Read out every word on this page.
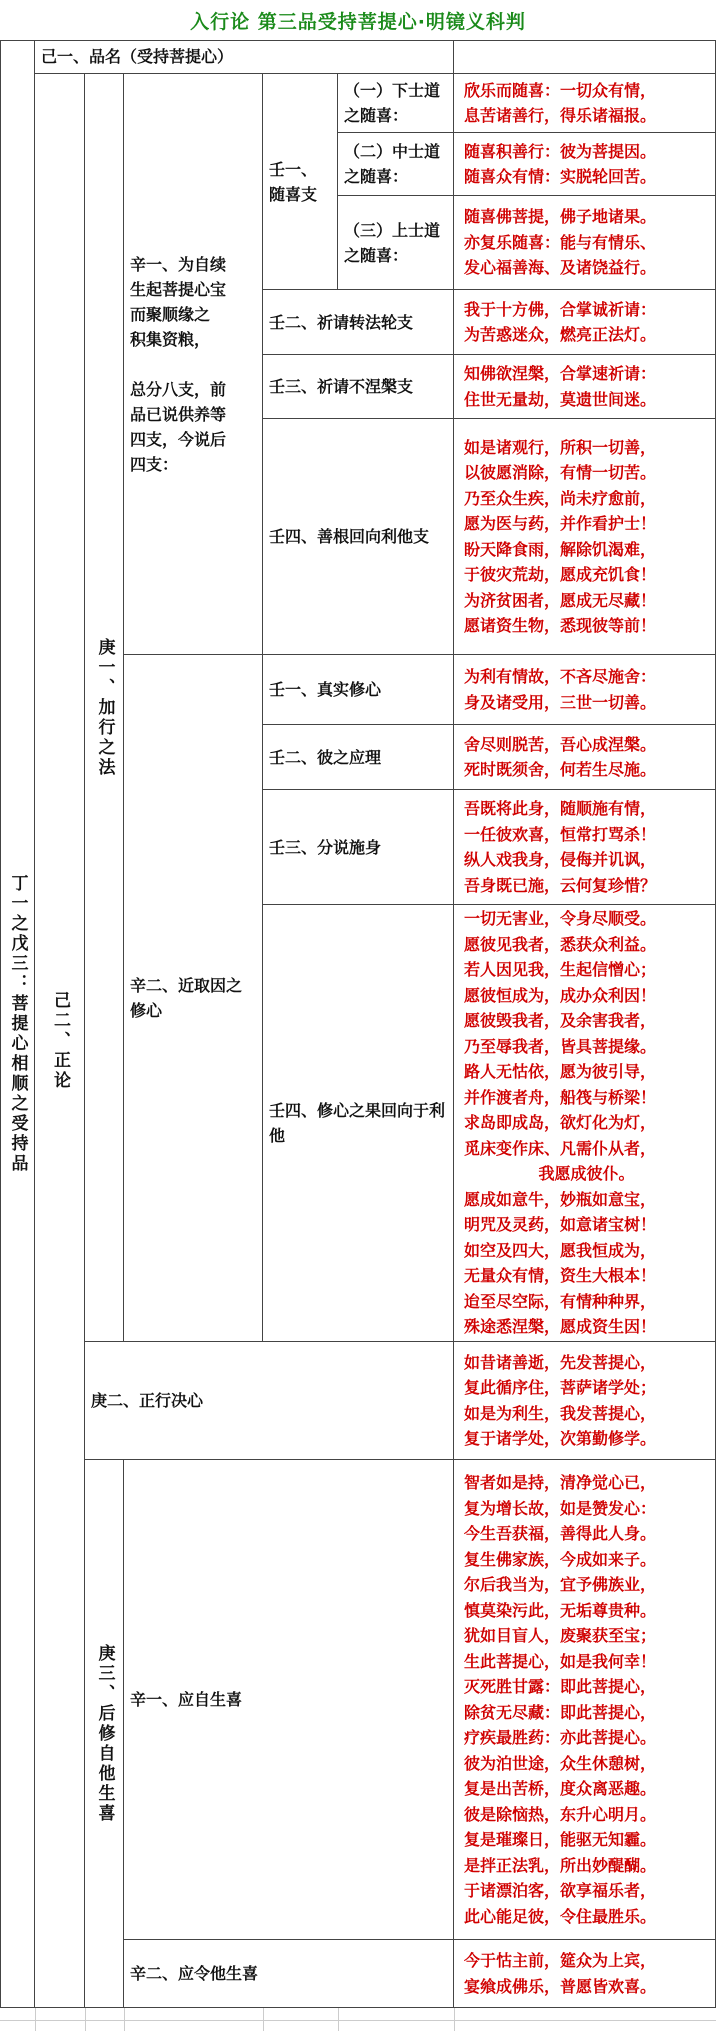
入行论 第三品受持菩提心·明镜义科判
丁一之戊三：菩提心相顺之受持品
己一、品名（受持菩提心）
己二、正论
庚一、加行之法
辛一、为自续
生起菩提心宝
而聚顺缘之
积集资粮，
总分八支，前
品已说供养等
四支，今说后
四支：
壬一、随喜支
（一）下士道之随喜：
欣乐而随喜：一切众有情，
息苦诸善行，得乐诸福报。
（二）中士道之随喜：
随喜积善行：彼为菩提因。
随喜众有情：实脱轮回苦。
（三）上士道之随喜：
随喜佛菩提，佛子地诸果。
亦复乐随喜：能与有情乐、
发心福善海、及诸饶益行。
壬二、祈请转法轮支
我于十方佛，合掌诚祈请：
为苦惑迷众，燃亮正法灯。
壬三、祈请不涅槃支
知佛欲涅槃，合掌速祈请：
住世无量劫，莫遗世间迷。
壬四、善根回向利他支
如是诸观行，所积一切善，
以彼愿消除，有情一切苦。
乃至众生疾，尚未疗愈前，
愿为医与药，并作看护士！
盼天降食雨，解除饥渴难，
于彼灾荒劫，愿成充饥食！
为济贫困者，愿成无尽藏！
愿诸资生物，悉现彼等前！
辛二、近取因之修心
壬一、真实修心
为利有情故，不吝尽施舍：
身及诸受用，三世一切善。
壬二、彼之应理
舍尽则脱苦，吾心成涅槃。
死时既须舍，何若生尽施。
壬三、分说施身
吾既将此身，随顺施有情，
一任彼欢喜，恒常打骂杀！
纵人戏我身，侵侮并讥讽，
吾身既已施，云何复珍惜？
壬四、修心之果回向于利他
一切无害业，令身尽顺受。
愿彼见我者，悉获众利益。
若人因见我，生起信憎心；
愿彼恒成为，成办众利因！
愿彼毁我者，及余害我者，
乃至辱我者，皆具菩提缘。
路人无怙依，愿为彼引导，
并作渡者舟，船筏与桥梁！
求岛即成岛，欲灯化为灯，
觅床变作床、凡需仆从者，
我愿成彼仆。
愿成如意牛，妙瓶如意宝，
明咒及灵药，如意诸宝树！
如空及四大，愿我恒成为，
无量众有情，资生大根本！
迨至尽空际，有情种种界，
殊途悉涅槃，愿成资生因！
庚二、正行决心
如昔诸善逝，先发菩提心，
复此循序住，菩萨诸学处；
如是为利生，我发菩提心，
复于诸学处，次第勤修学。
庚三、后修自他生喜 辛一、应自生喜
智者如是持，清净觉心已，
复为增长故，如是赞发心：
今生吾获福，善得此人身。
复生佛家族，今成如来子。
尔后我当为，宜予佛族业，
慎莫染污此，无垢尊贵种。
犹如目盲人，废聚获至宝；
生此菩提心，如是我何幸！
灭死胜甘露：即此菩提心，
除贫无尽藏：即此菩提心，
疗疾最胜药：亦此菩提心。
彼为泊世途，众生休憩树，
复是出苦桥，度众离恶趣。
彼是除恼热，东升心明月。
复是璀璨日，能驱无知霾。
是拌正法乳，所出妙醍醐。
于诸漂泊客，欲享福乐者，
此心能足彼，令住最胜乐。
辛二、应令他生喜
今于怙主前，筵众为上宾，
宴飨成佛乐，普愿皆欢喜。
